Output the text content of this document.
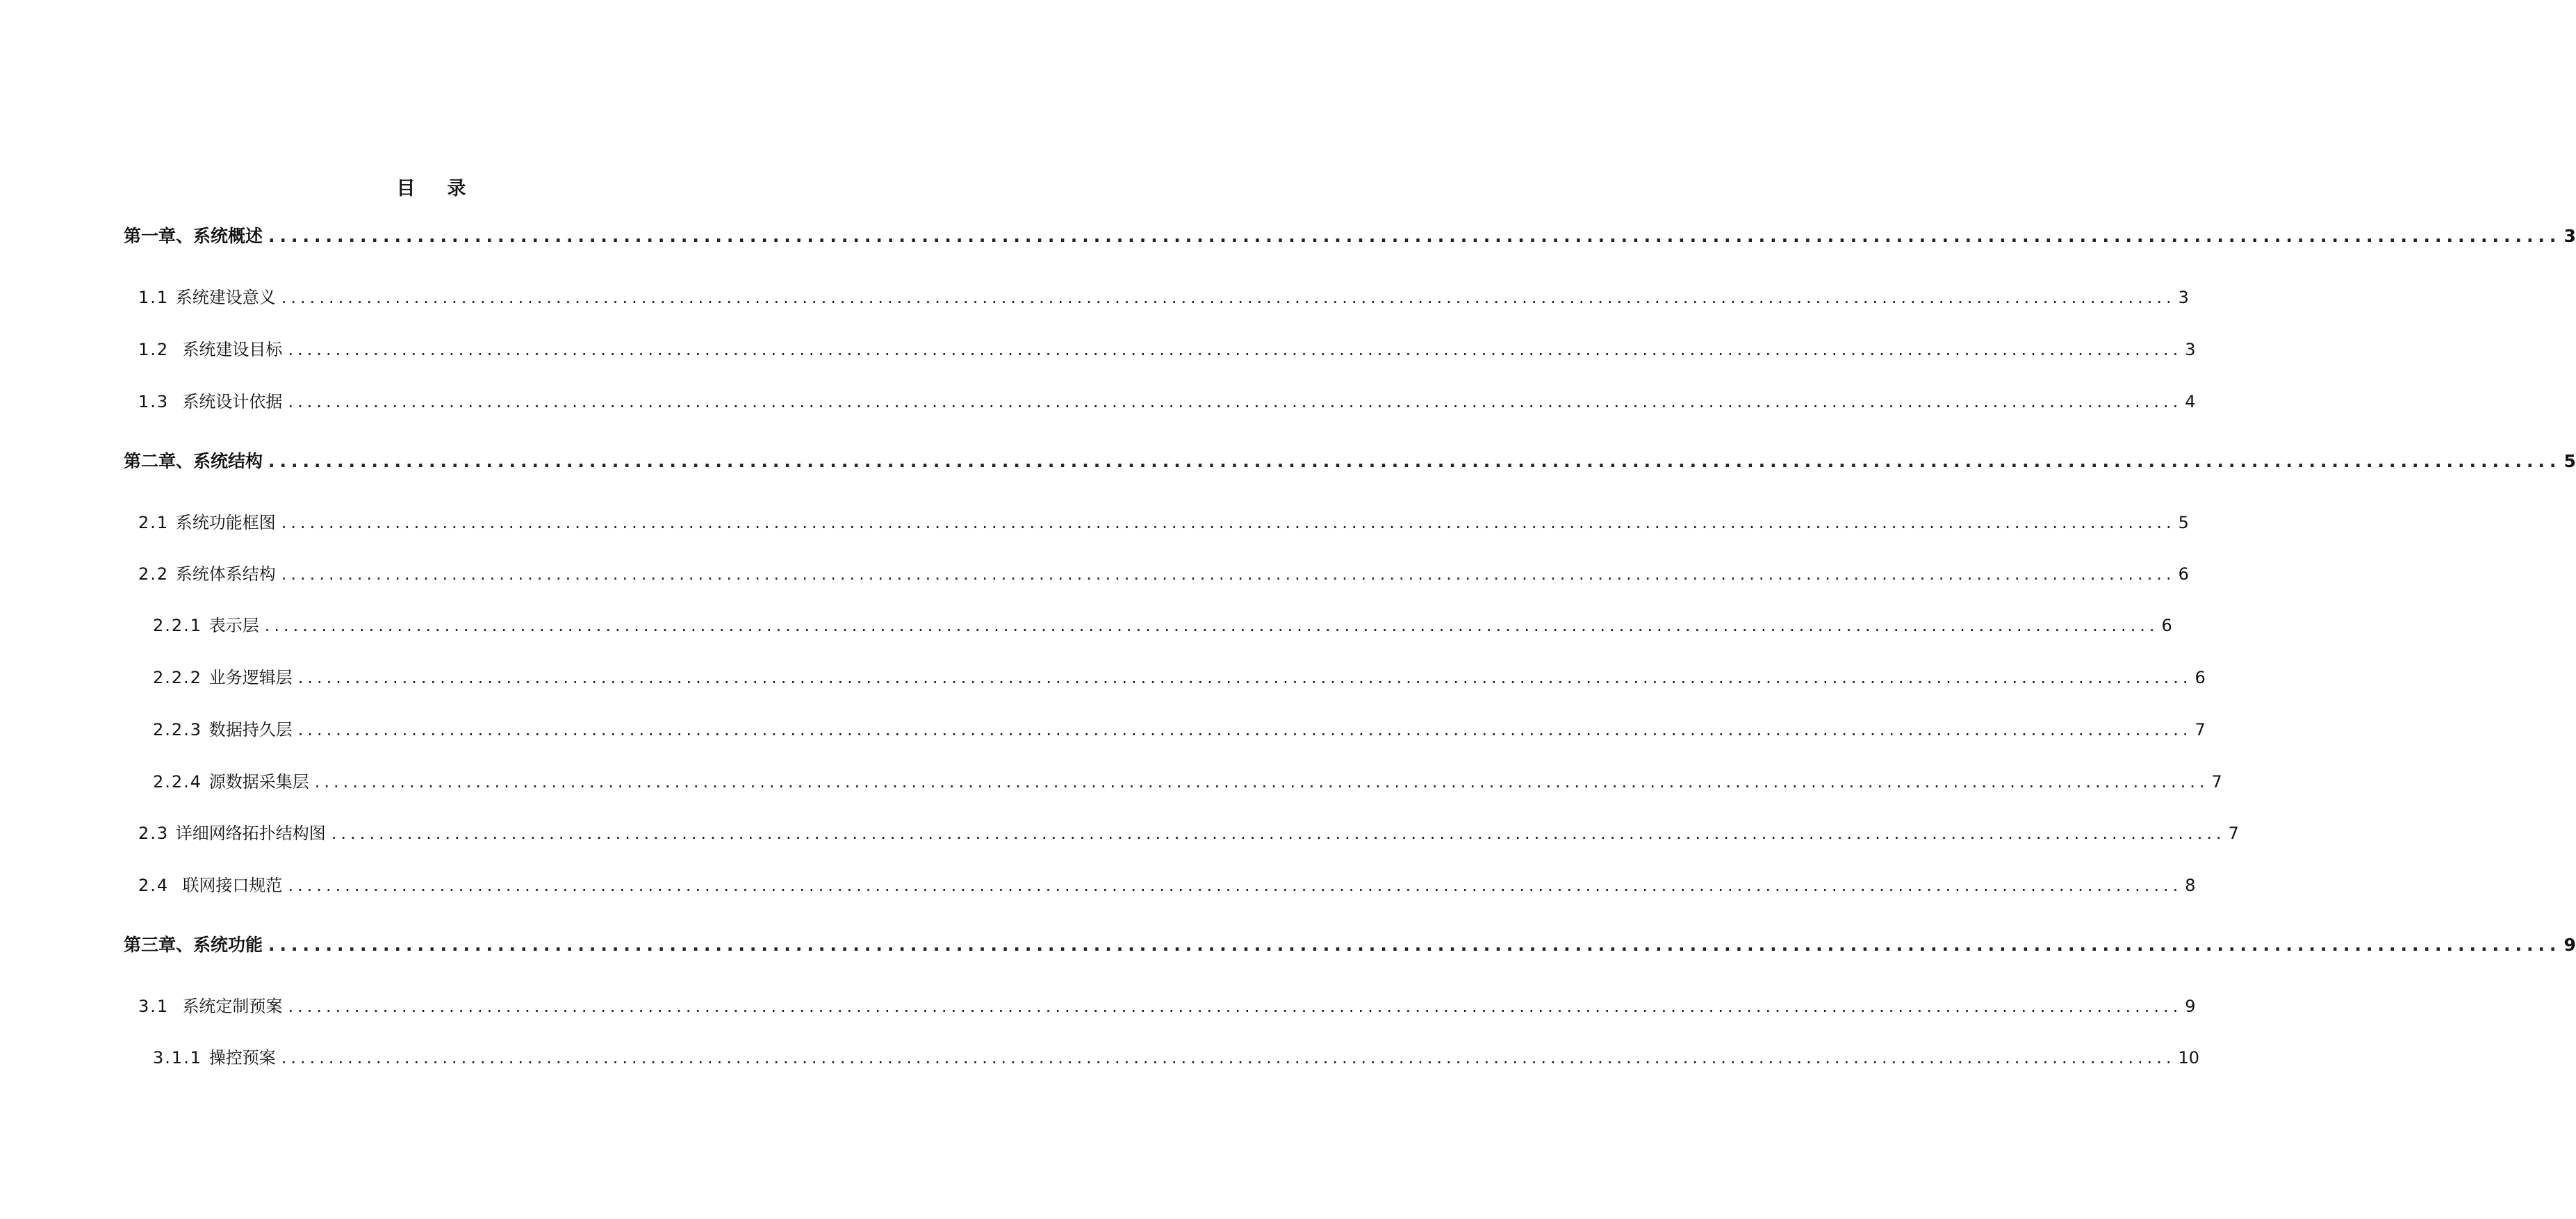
目录
第一章、系统概述 ........................................................................................................................................................................................................ 3
1.1 系统建设意义 ........................................................................................................................................................................................................ 3
1.2 系统建设目标 ........................................................................................................................................................................................................ 3
1.3 系统设计依据 ........................................................................................................................................................................................................ 4
第二章、系统结构 ........................................................................................................................................................................................................ 5
2.1 系统功能框图 ........................................................................................................................................................................................................ 5
2.2 系统体系结构 ........................................................................................................................................................................................................ 6
2.2.1 表示层 ........................................................................................................................................................................................................ 6
2.2.2 业务逻辑层 ........................................................................................................................................................................................................ 6
2.2.3 数据持久层 ........................................................................................................................................................................................................ 7
2.2.4 源数据采集层 ........................................................................................................................................................................................................ 7
2.3 详细网络拓扑结构图 ........................................................................................................................................................................................................ 7
2.4 联网接口规范 ........................................................................................................................................................................................................ 8
第三章、系统功能 ........................................................................................................................................................................................................ 9
3.1 系统定制预案 ........................................................................................................................................................................................................ 9
3.1.1 操控预案 ........................................................................................................................................................................................................ 10
